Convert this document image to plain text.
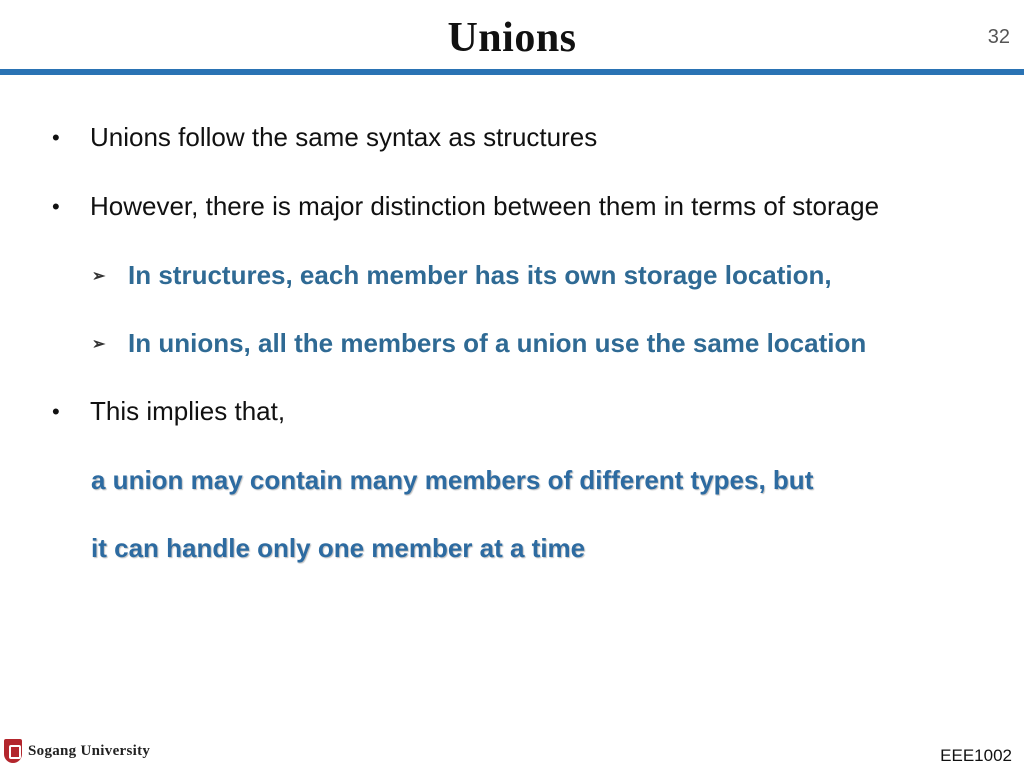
Unions	32
•	Unions follow the same syntax as structures
•	However, there is major distinction between them in terms of storage
➢ In structures, each member has its own storage location,
➢ In unions, all the members of a union use the same location
•	This implies that,
a union may contain many members of different types, but
it can handle only one member at a time
Sogang University	EEE1002
